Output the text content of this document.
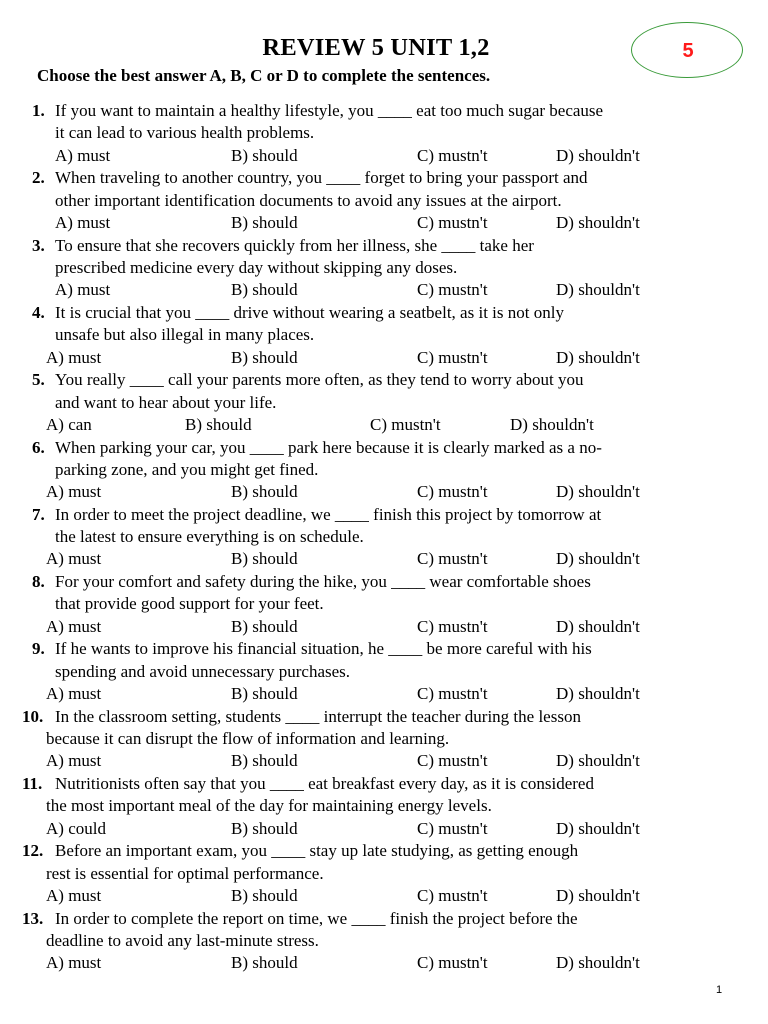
REVIEW 5 UNIT 1,2	5
Choose the best answer A, B, C or D to complete the sentences.
1. If you want to maintain a healthy lifestyle, you ____ eat too much sugar because
it can lead to various health problems.
A) must	B) should	C) mustn't	D) shouldn't
2. When traveling to another country, you ____ forget to bring your passport and
other important identification documents to avoid any issues at the airport.
A) must	B) should	C) mustn't	D) shouldn't
3. To ensure that she recovers quickly from her illness, she ____ take her
prescribed medicine every day without skipping any doses.
A) must	B) should	C) mustn't	D) shouldn't
4. It is crucial that you ____ drive without wearing a seatbelt, as it is not only
unsafe but also illegal in many places.
A) must	B) should	C) mustn't	D) shouldn't
5. You really ____ call your parents more often, as they tend to worry about you
and want to hear about your life.
A) can	B) should	C) mustn't	D) shouldn't
6. When parking your car, you ____ park here because it is clearly marked as a no-
parking zone, and you might get fined.
A) must	B) should	C) mustn't	D) shouldn't
7. In order to meet the project deadline, we ____ finish this project by tomorrow at
the latest to ensure everything is on schedule.
A) must	B) should	C) mustn't	D) shouldn't
8. For your comfort and safety during the hike, you ____ wear comfortable shoes
that provide good support for your feet.
A) must	B) should	C) mustn't	D) shouldn't
9. If he wants to improve his financial situation, he ____ be more careful with his
spending and avoid unnecessary purchases.
A) must	B) should	C) mustn't	D) shouldn't
10. In the classroom setting, students ____ interrupt the teacher during the lesson
because it can disrupt the flow of information and learning.
A) must	B) should	C) mustn't	D) shouldn't
11. Nutritionists often say that you ____ eat breakfast every day, as it is considered
the most important meal of the day for maintaining energy levels.
A) could	B) should	C) mustn't	D) shouldn't
12. Before an important exam, you ____ stay up late studying, as getting enough
rest is essential for optimal performance.
A) must	B) should	C) mustn't	D) shouldn't
13. In order to complete the report on time, we ____ finish the project before the
deadline to avoid any last-minute stress.
A) must	B) should	C) mustn't	D) shouldn't
1
